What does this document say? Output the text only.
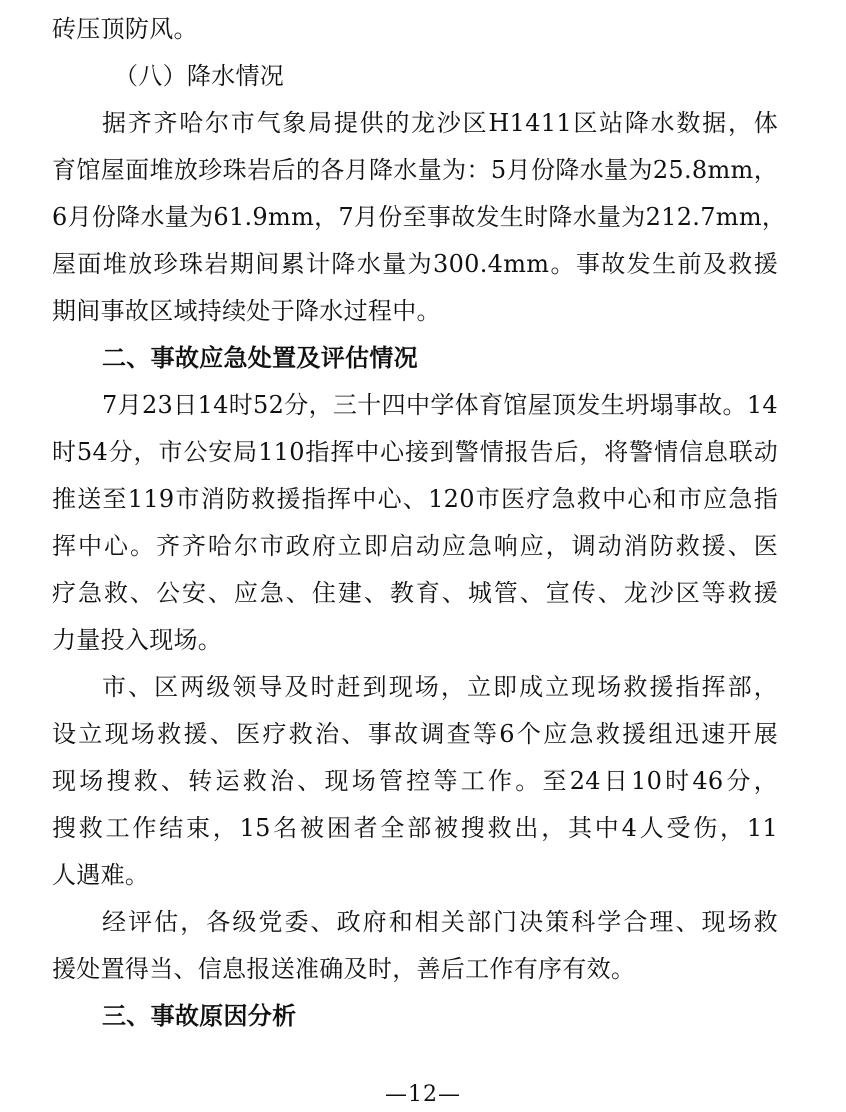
砖压顶防风。
（八）降水情况
据齐齐哈尔市气象局提供的龙沙区H1411区站降水数据，体
育馆屋面堆放珍珠岩后的各月降水量为：5月份降水量为25.8mm，
6月份降水量为61.9mm，7月份至事故发生时降水量为212.7mm，
屋面堆放珍珠岩期间累计降水量为300.4mm。事故发生前及救援
期间事故区域持续处于降水过程中。
二、事故应急处置及评估情况
7月23日14时52分，三十四中学体育馆屋顶发生坍塌事故。14
时54分，市公安局110指挥中心接到警情报告后，将警情信息联动
推送至119市消防救援指挥中心、120市医疗急救中心和市应急指
挥中心。齐齐哈尔市政府立即启动应急响应，调动消防救援、医
疗急救、公安、应急、住建、教育、城管、宣传、龙沙区等救援
力量投入现场。
市、区两级领导及时赶到现场，立即成立现场救援指挥部，
设立现场救援、医疗救治、事故调查等6个应急救援组迅速开展
现场搜救、转运救治、现场管控等工作。至24日10时46分，
搜救工作结束，15名被困者全部被搜救出，其中4人受伤，11
人遇难。
经评估，各级党委、政府和相关部门决策科学合理、现场救
援处置得当、信息报送准确及时，善后工作有序有效。
三、事故原因分析
—12—
